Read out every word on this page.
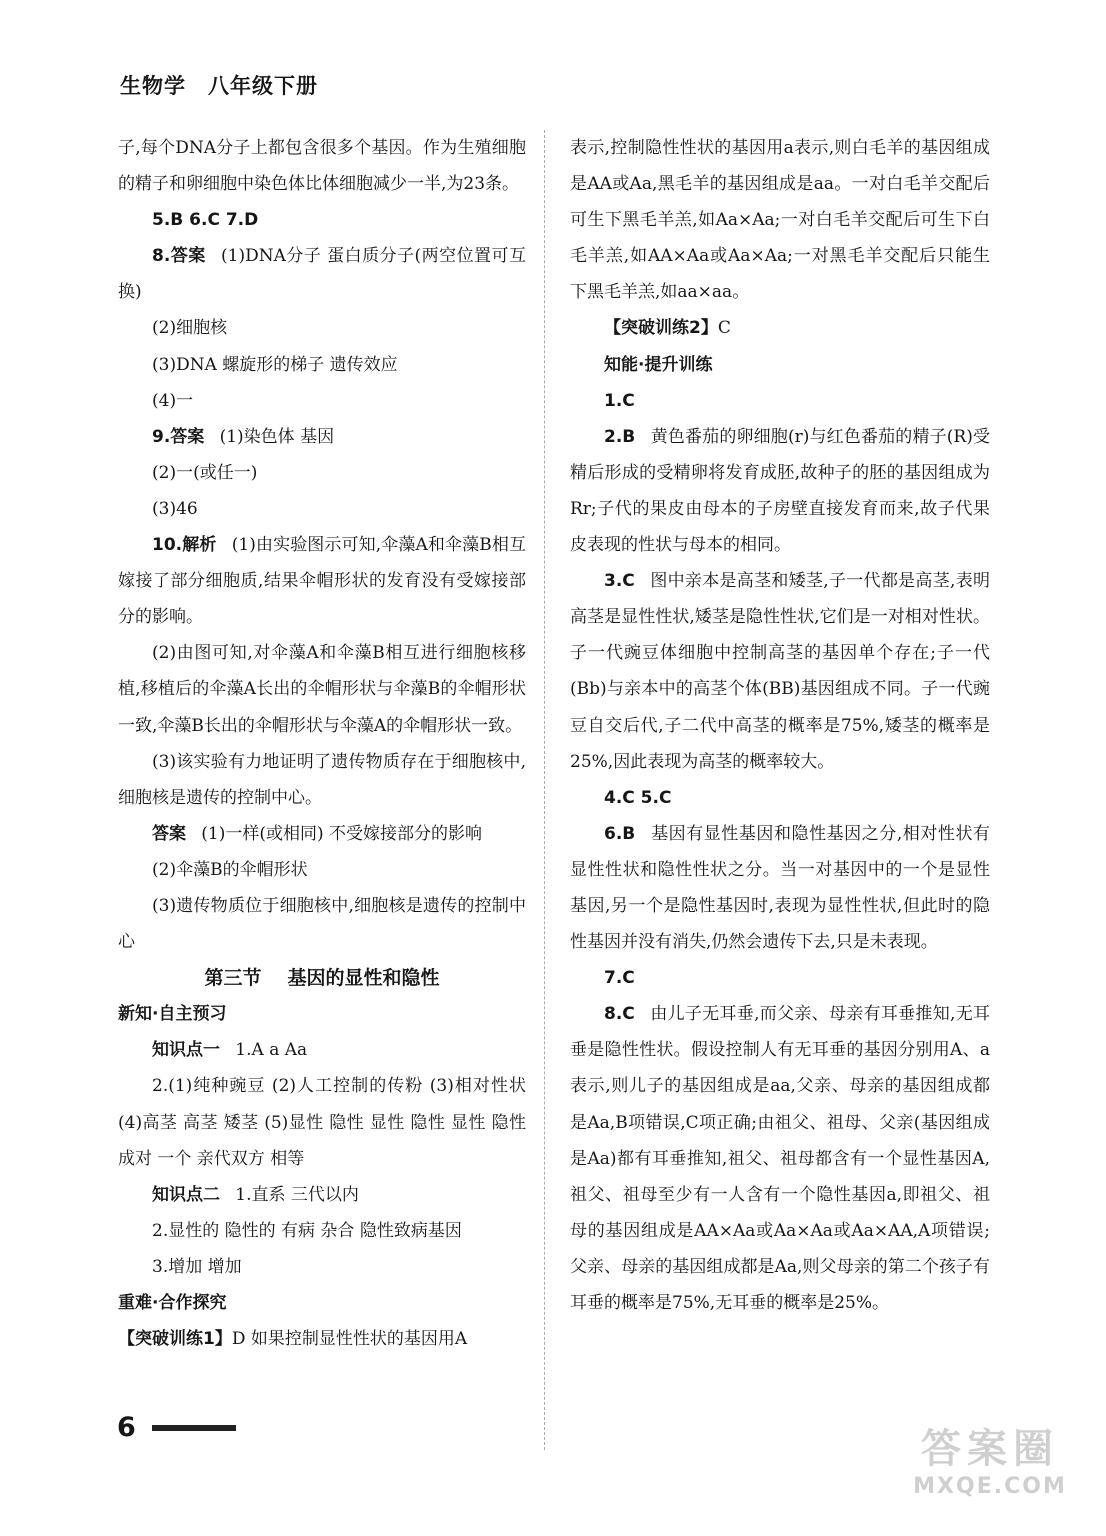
生物学 八年级下册

子,每个DNA分子上都包含很多个基因。作为生殖细胞的精子和卵细胞中染色体比体细胞减少一半,为23条。

5.B 6.C 7.D

8.答案 (1)DNA分子 蛋白质分子(两空位置可互换)

(2)细胞核

(3)DNA 螺旋形的梯子 遗传效应

(4)一

9.答案 (1)染色体 基因

(2)一(或任一)

(3)46

10.解析 (1)由实验图示可知,伞藻A和伞藻B相互嫁接了部分细胞质,结果伞帽形状的发育没有受嫁接部分的影响。

(2)由图可知,对伞藻A和伞藻B相互进行细胞核移植,移植后的伞藻A长出的伞帽形状与伞藻B的伞帽形状一致,伞藻B长出的伞帽形状与伞藻A的伞帽形状一致。

(3)该实验有力地证明了遗传物质存在于细胞核中,细胞核是遗传的控制中心。

答案 (1)一样(或相同) 不受嫁接部分的影响

(2)伞藻B的伞帽形状

(3)遗传物质位于细胞核中,细胞核是遗传的控制中心

第三节 基因的显性和隐性

新知·自主预习

知识点一 1.A a Aa

2.(1)纯种豌豆 (2)人工控制的传粉 (3)相对性状 (4)高茎 高茎 矮茎 (5)显性 隐性 显性 隐性 显性 隐性 成对 一个 亲代双方 相等

知识点二 1.直系 三代以内

2.显性的 隐性的 有病 杂合 隐性致病基因

3.增加 增加

重难·合作探究

【突破训练1】D 如果控制显性性状的基因用A

表示,控制隐性性状的基因用a表示,则白毛羊的基因组成是AA或Aa,黑毛羊的基因组成是aa。一对白毛羊交配后可生下黑毛羊羔,如Aa×Aa;一对白毛羊交配后可生下白毛羊羔,如AA×Aa或Aa×Aa;一对黑毛羊交配后只能生下黑毛羊羔,如aa×aa。

【突破训练2】C

知能·提升训练

1.C

2.B 黄色番茄的卵细胞(r)与红色番茄的精子(R)受精后形成的受精卵将发育成胚,故种子的胚的基因组成为Rr;子代的果皮由母本的子房壁直接发育而来,故子代果皮表现的性状与母本的相同。

3.C 图中亲本是高茎和矮茎,子一代都是高茎,表明高茎是显性性状,矮茎是隐性性状,它们是一对相对性状。子一代豌豆体细胞中控制高茎的基因单个存在;子一代(Bb)与亲本中的高茎个体(BB)基因组成不同。子一代豌豆自交后代,子二代中高茎的概率是75%,矮茎的概率是25%,因此表现为高茎的概率较大。

4.C 5.C

6.B 基因有显性基因和隐性基因之分,相对性状有显性性状和隐性性状之分。当一对基因中的一个是显性基因,另一个是隐性基因时,表现为显性性状,但此时的隐性基因并没有消失,仍然会遗传下去,只是未表现。

7.C

8.C 由儿子无耳垂,而父亲、母亲有耳垂推知,无耳垂是隐性性状。假设控制人有无耳垂的基因分别用A、a表示,则儿子的基因组成是aa,父亲、母亲的基因组成都是Aa,B项错误,C项正确;由祖父、祖母、父亲(基因组成是Aa)都有耳垂推知,祖父、祖母都含有一个显性基因A,祖父、祖母至少有一人含有一个隐性基因a,即祖父、祖母的基因组成是AA×Aa或Aa×Aa或Aa×AA,A项错误;父亲、母亲的基因组成都是Aa,则父母亲的第二个孩子有耳垂的概率是75%,无耳垂的概率是25%。

6	答案圈
MXQE.COM
